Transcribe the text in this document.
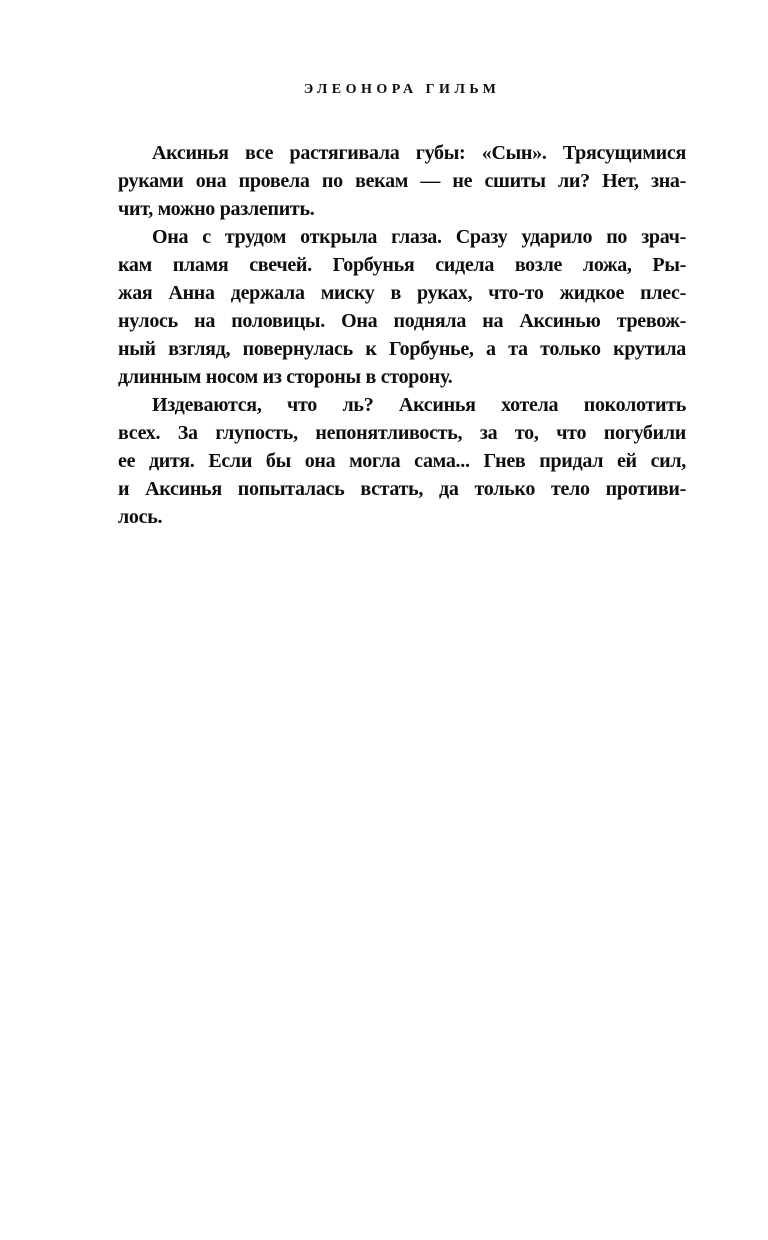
ЭЛЕОНОРА ГИЛЬМ
Аксинья все растягивала губы: «Сын». Трясущимися
руками она провела по векам — не сшиты ли? Нет, зна-
чит, можно разлепить.
Она с трудом открыла глаза. Сразу ударило по зрач-
кам пламя свечей. Горбунья сидела возле ложа, Ры-
жая Анна держала миску в руках, что-то жидкое плес-
нулось на половицы. Она подняла на Аксинью тревож-
ный взгляд, повернулась к Горбунье, а та только крутила
длинным носом из стороны в сторону.
Издеваются, что ль? Аксинья хотела поколотить
всех. За глупость, непонятливость, за то, что погубили
ее дитя. Если бы она могла сама... Гнев придал ей сил,
и Аксинья попыталась встать, да только тело противи-
лось.
